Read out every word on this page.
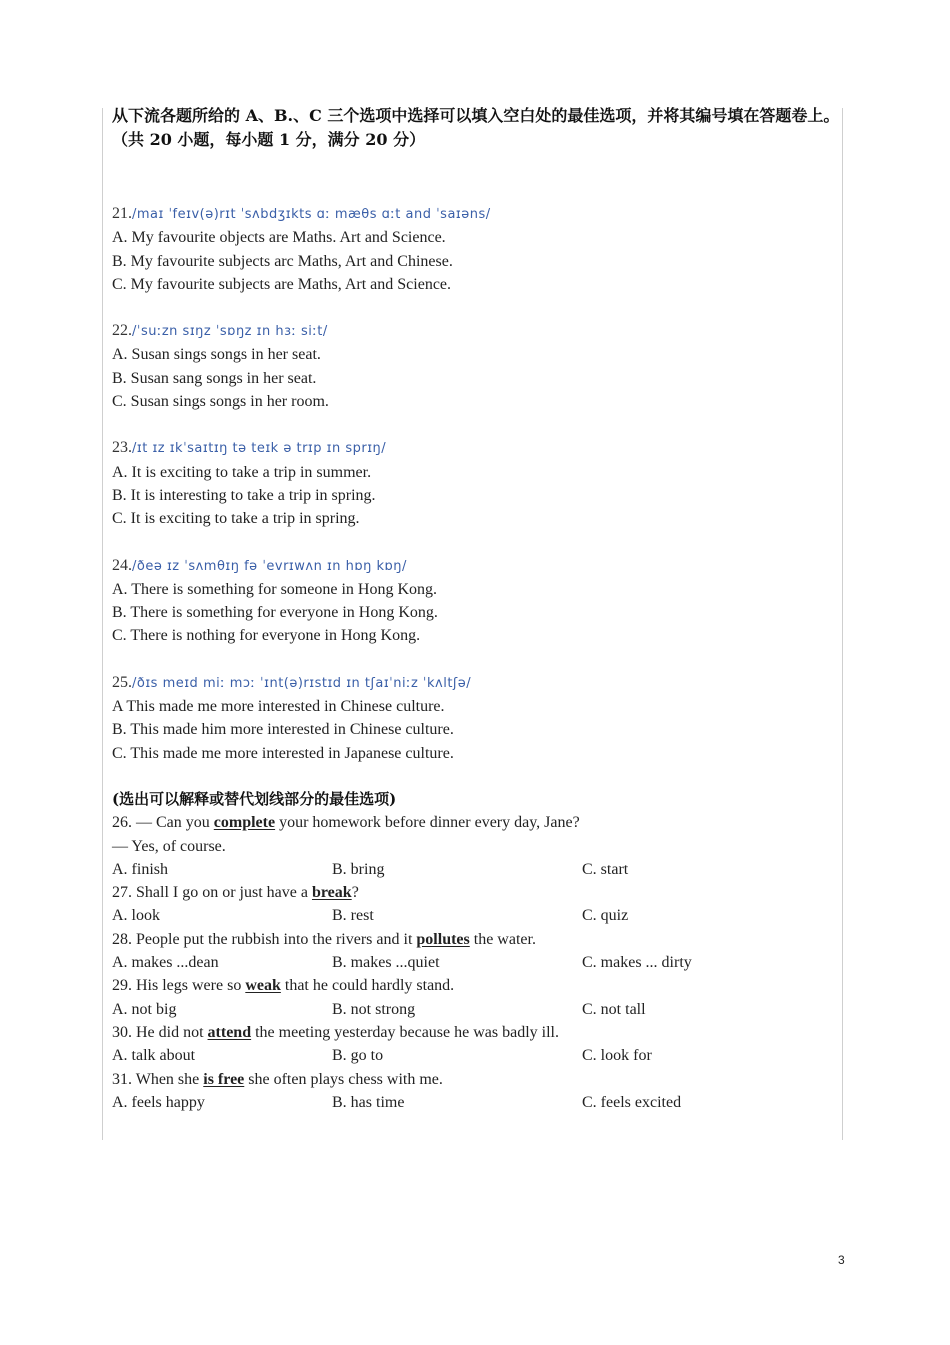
从下流各题所给的 A、B.、C 三个选项中选择可以填入空白处的最佳选项，并将其编号填在答题卷上。（共 20 小题，每小题 1 分，满分 20 分）

21./maɪ ˈfeɪv(ə)rɪt ˈsʌbdʒɪkts ɑː mæθs ɑːt and ˈsaɪəns/
A. My favourite objects are Maths. Art and Science.
B. My favourite subjects arc Maths, Art and Chinese.
C. My favourite subjects are Maths, Art and Science.
22./ˈsuːzn sɪŋz ˈsɒŋz ɪn hɜː siːt/
A. Susan sings songs in her seat.
B. Susan sang songs in her seat.
C. Susan sings songs in her room.
23./ɪt ɪz ɪkˈsaɪtɪŋ tə teɪk ə trɪp ɪn sprɪŋ/
A. It is exciting to take a trip in summer.
B. It is interesting to take a trip in spring.
C. It is exciting to take a trip in spring.
24./ðeə ɪz ˈsʌmθɪŋ fə ˈevrɪwʌn ɪn hɒŋ kɒŋ/
A. There is something for someone in Hong Kong.
B. There is something for everyone in Hong Kong.
C. There is nothing for everyone in Hong Kong.
25./ðɪs meɪd miː mɔː ˈɪnt(ə)rɪstɪd ɪn tʃaɪˈniːz ˈkʌltʃə/
A This made me more interested in Chinese culture.
B. This made him more interested in Chinese culture.
C. This made me more interested in Japanese culture.
(选出可以解释或替代划线部分的最佳选项)
26. — Can you complete your homework before dinner every day, Jane?
— Yes, of course.
A. finish	B. bring	C. start
27. Shall I go on or just have a break?
A. look	B. rest	C. quiz
28. People put the rubbish into the rivers and it pollutes the water.
A. makes ...dean	B. makes ...quiet	C. makes ... dirty
29. His legs were so weak that he could hardly stand.
A. not big	B. not strong	C. not tall
30. He did not attend the meeting yesterday because he was badly ill.
A. talk about	B. go to	C. look for
31. When she is free she often plays chess with me.
A. feels happy	B. has time	C. feels excited
3
